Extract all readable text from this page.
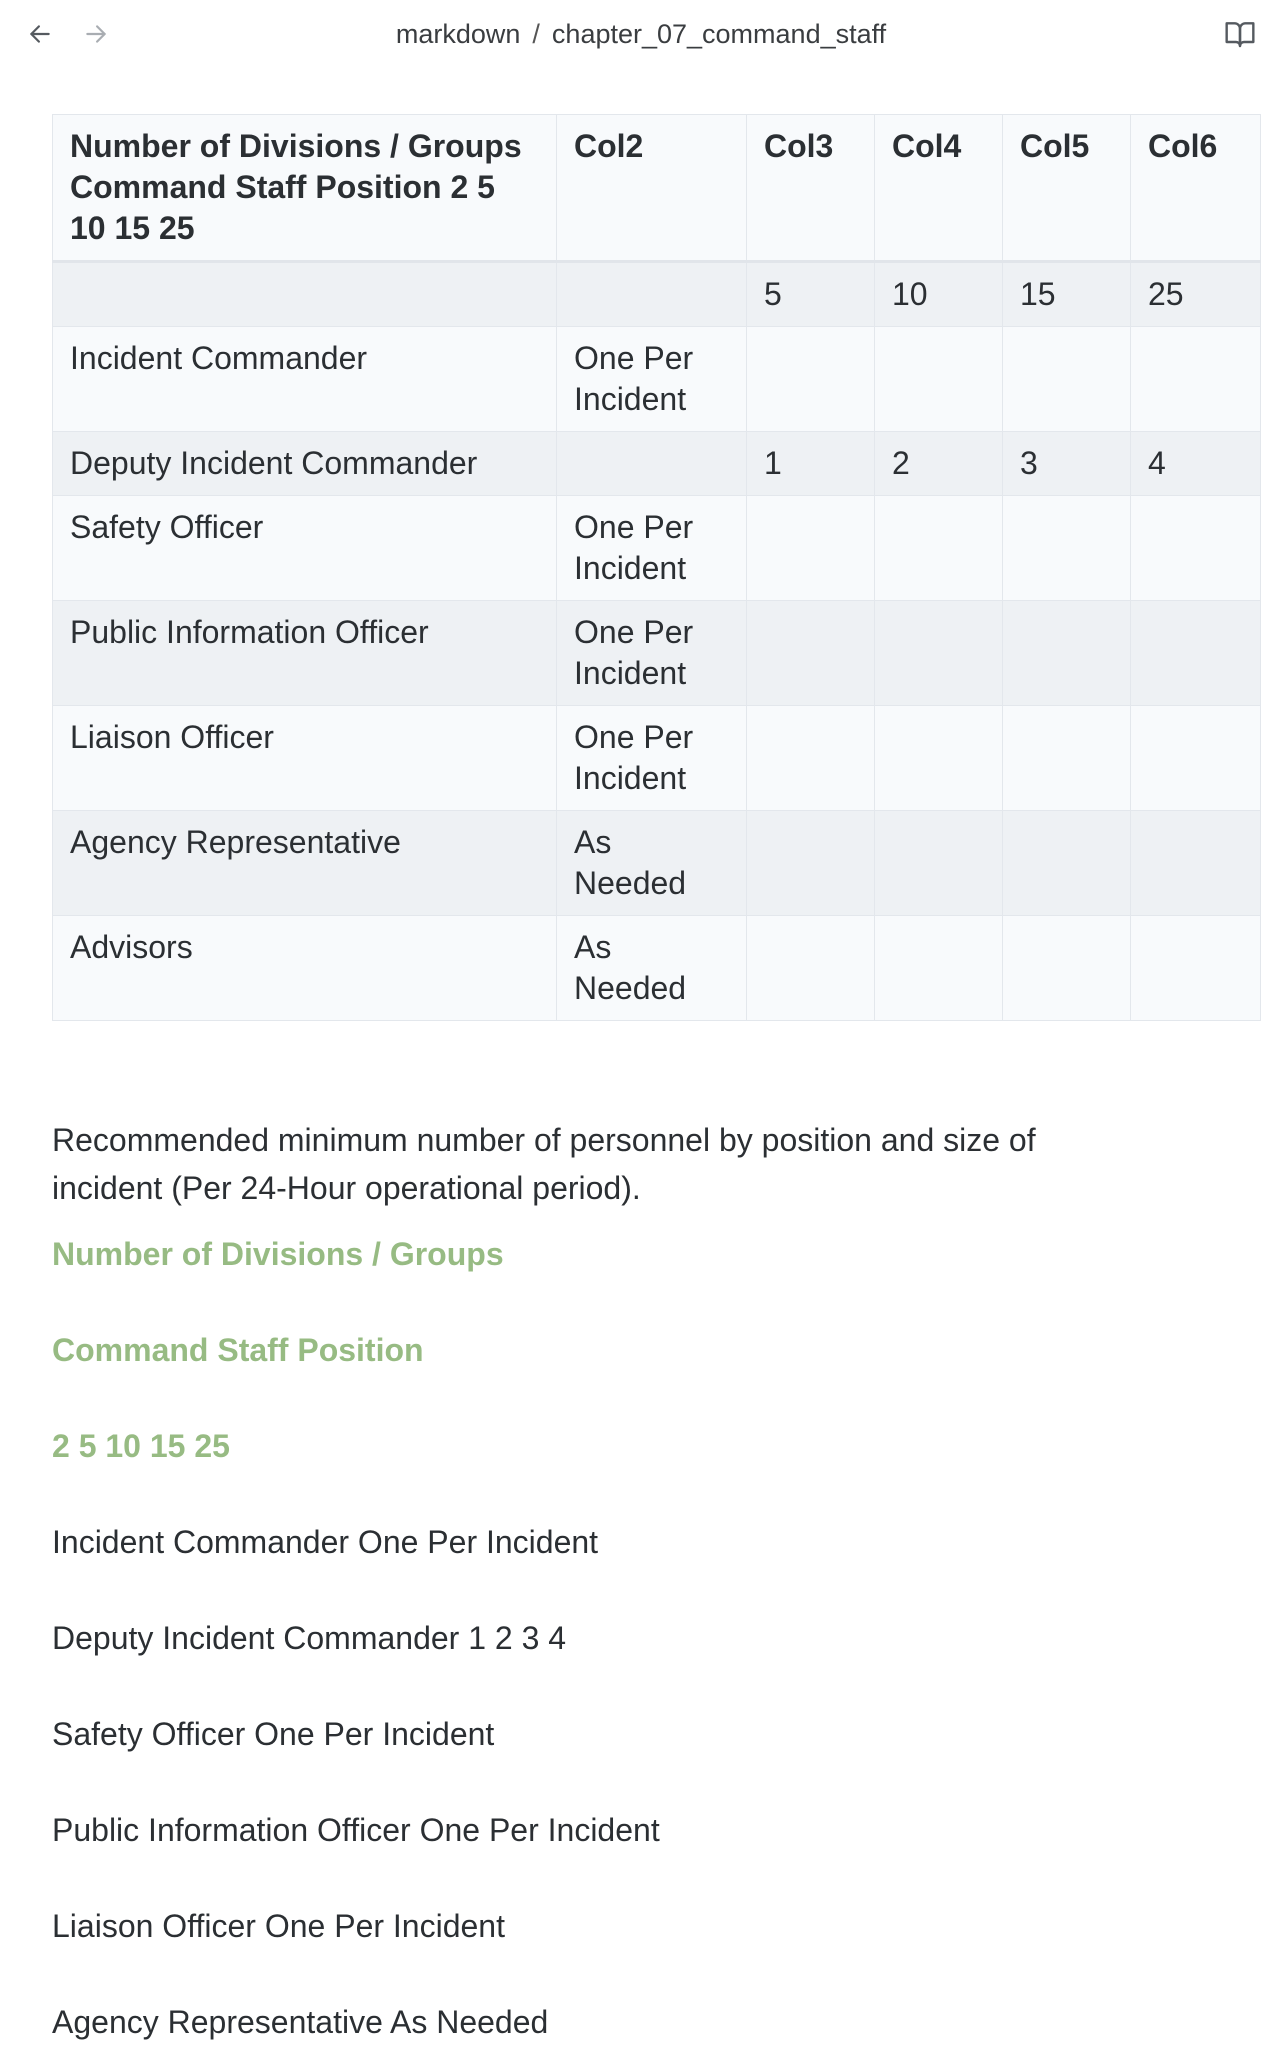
markdown / chapter_07_command_staff
Number of Divisions / Groups Command Staff Position 2 5 10 15 25	Col2	Col3	Col4	Col5	Col6
		5	10	15	25
Incident Commander	One Per Incident				
Deputy Incident Commander		1	2	3	4
Safety Officer	One Per Incident				
Public Information Officer	One Per Incident				
Liaison Officer	One Per Incident				
Agency Representative	As Needed				
Advisors	As Needed				

Recommended minimum number of personnel by position and size of incident (Per 24-Hour operational period).

Number of Divisions / Groups

Command Staff Position

2 5 10 15 25

Incident Commander One Per Incident

Deputy Incident Commander 1 2 3 4

Safety Officer One Per Incident

Public Information Officer One Per Incident

Liaison Officer One Per Incident

Agency Representative As Needed
